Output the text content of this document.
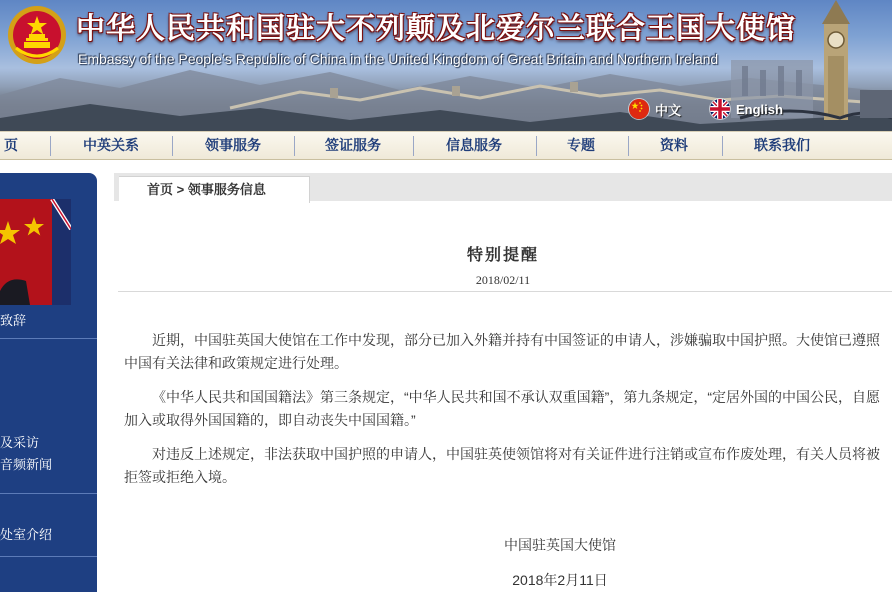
中华人民共和国驻大不列颠及北爱尔兰联合王国大使馆
Embassy of the People’s Republic of China in the United Kingdom of Great Britain and Northern Ireland
中文	English
页	中英关系	领事服务	签证服务	信息服务	专题	资料	联系我们
致辞
及采访
音频新闻
处室介绍
首页 > 领事服务信息
特别提醒
2018/02/11
近期，中国驻英国大使馆在工作中发现，部分已加入外籍并持有中国签证的申请人，涉嫌骗取中国护照。大使馆已遵照中国有关法律和政策规定进行处理。
《中华人民共和国国籍法》第三条规定，“中华人民共和国不承认双重国籍”，第九条规定，“定居外国的中国公民，自愿加入或取得外国国籍的，即自动丧失中国国籍。”
对违反上述规定，非法获取中国护照的申请人，中国驻英使领馆将对有关证件进行注销或宣布作废处理，有关人员将被拒签或拒绝入境。
中国驻英国大使馆
2018年2月11日
